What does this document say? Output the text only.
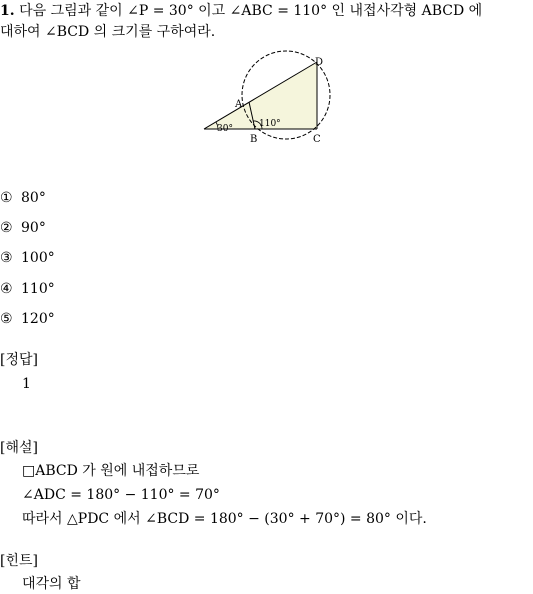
1. 다음 그림과 같이 ∠P = 30° 이고 ∠ABC = 110° 인 내접사각형 ABCD 에
대하여 ∠BCD 의 크기를 구하여라.
D
A
B	C
30°	110°
① 80°
② 90°
③ 100°
④ 110°
⑤ 120°
[정답]
1
[해설]
□ABCD 가 원에 내접하므로
∠ADC = 180° − 110° = 70°
따라서 △PDC 에서 ∠BCD = 180° − (30° + 70°) = 80° 이다.
[힌트]
대각의 합
